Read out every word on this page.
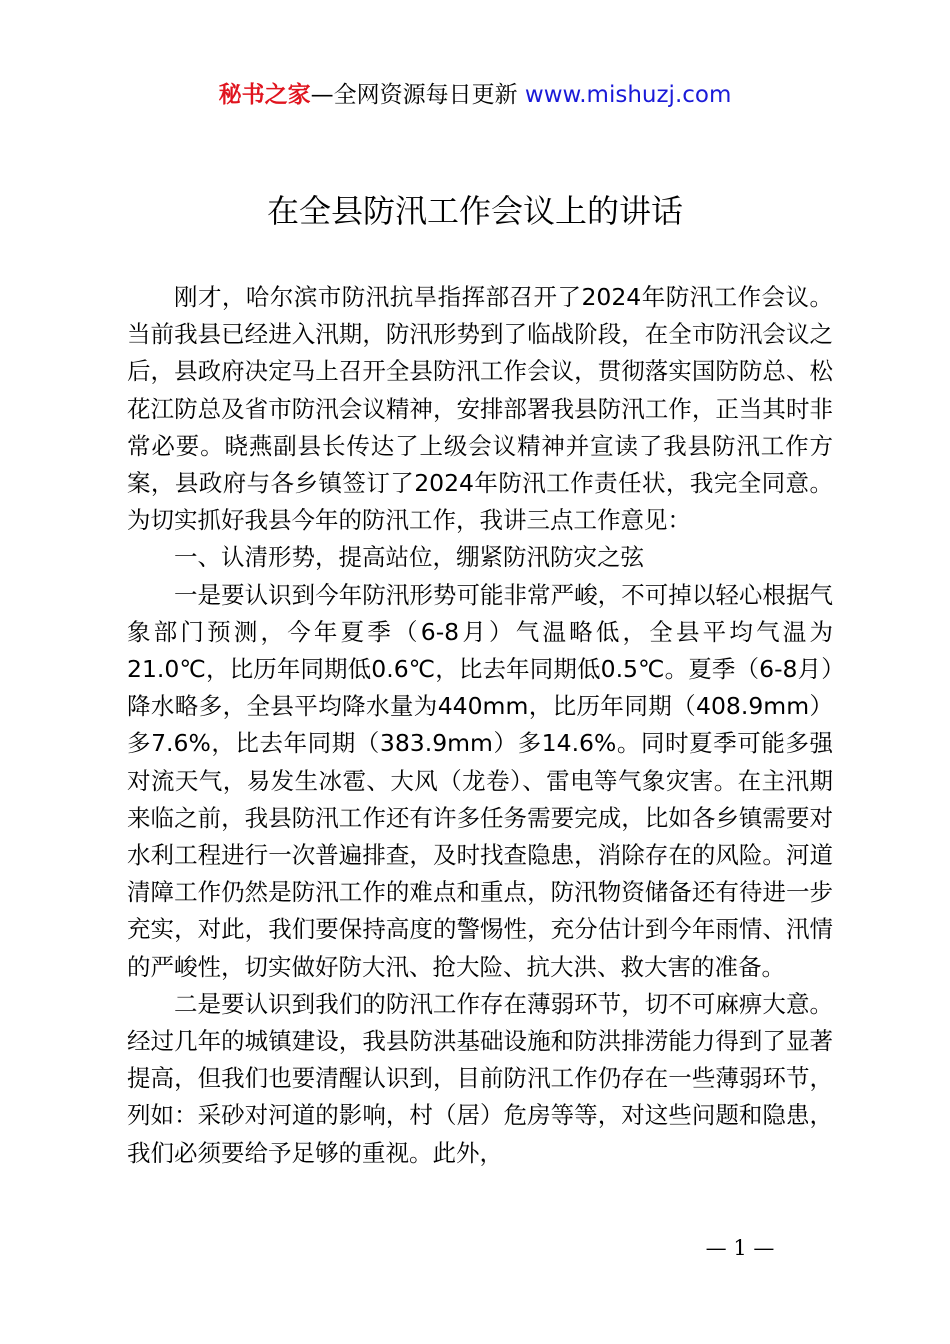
秘书之家—全网资源每日更新 www.mishuzj.com
在全县防汛工作会议上的讲话

刚才，哈尔滨市防汛抗旱指挥部召开了2024年防汛工作会议。当前我县已经进入汛期，防汛形势到了临战阶段，在全市防汛会议之后，县政府决定马上召开全县防汛工作会议，贯彻落实国防防总、松花江防总及省市防汛会议精神，安排部署我县防汛工作，正当其时非常必要。晓燕副县长传达了上级会议精神并宣读了我县防汛工作方案，县政府与各乡镇签订了2024年防汛工作责任状，我完全同意。为切实抓好我县今年的防汛工作，我讲三点工作意见：

一、认清形势，提高站位，绷紧防汛防灾之弦

一是要认识到今年防汛形势可能非常严峻，不可掉以轻心根据气象部门预测，今年夏季（6-8月）气温略低，全县平均气温为21.0℃，比历年同期低0.6℃，比去年同期低0.5℃。夏季（6-8月）降水略多，全县平均降水量为440mm，比历年同期（408.9mm）多7.6%，比去年同期（383.9mm）多14.6%。同时夏季可能多强对流天气，易发生冰雹、大风（龙卷）、雷电等气象灾害。在主汛期来临之前，我县防汛工作还有许多任务需要完成，比如各乡镇需要对水利工程进行一次普遍排查，及时找查隐患，消除存在的风险。河道清障工作仍然是防汛工作的难点和重点，防汛物资储备还有待进一步充实，对此，我们要保持高度的警惕性，充分估计到今年雨情、汛情的严峻性，切实做好防大汛、抢大险、抗大洪、救大害的准备。

二是要认识到我们的防汛工作存在薄弱环节，切不可麻痹大意。经过几年的城镇建设，我县防洪基础设施和防洪排涝能力得到了显著提高，但我们也要清醒认识到，目前防汛工作仍存在一些薄弱环节，列如：采砂对河道的影响，村（居）危房等等，对这些问题和隐患，我们必须要给予足够的重视。此外，

— 1 —
